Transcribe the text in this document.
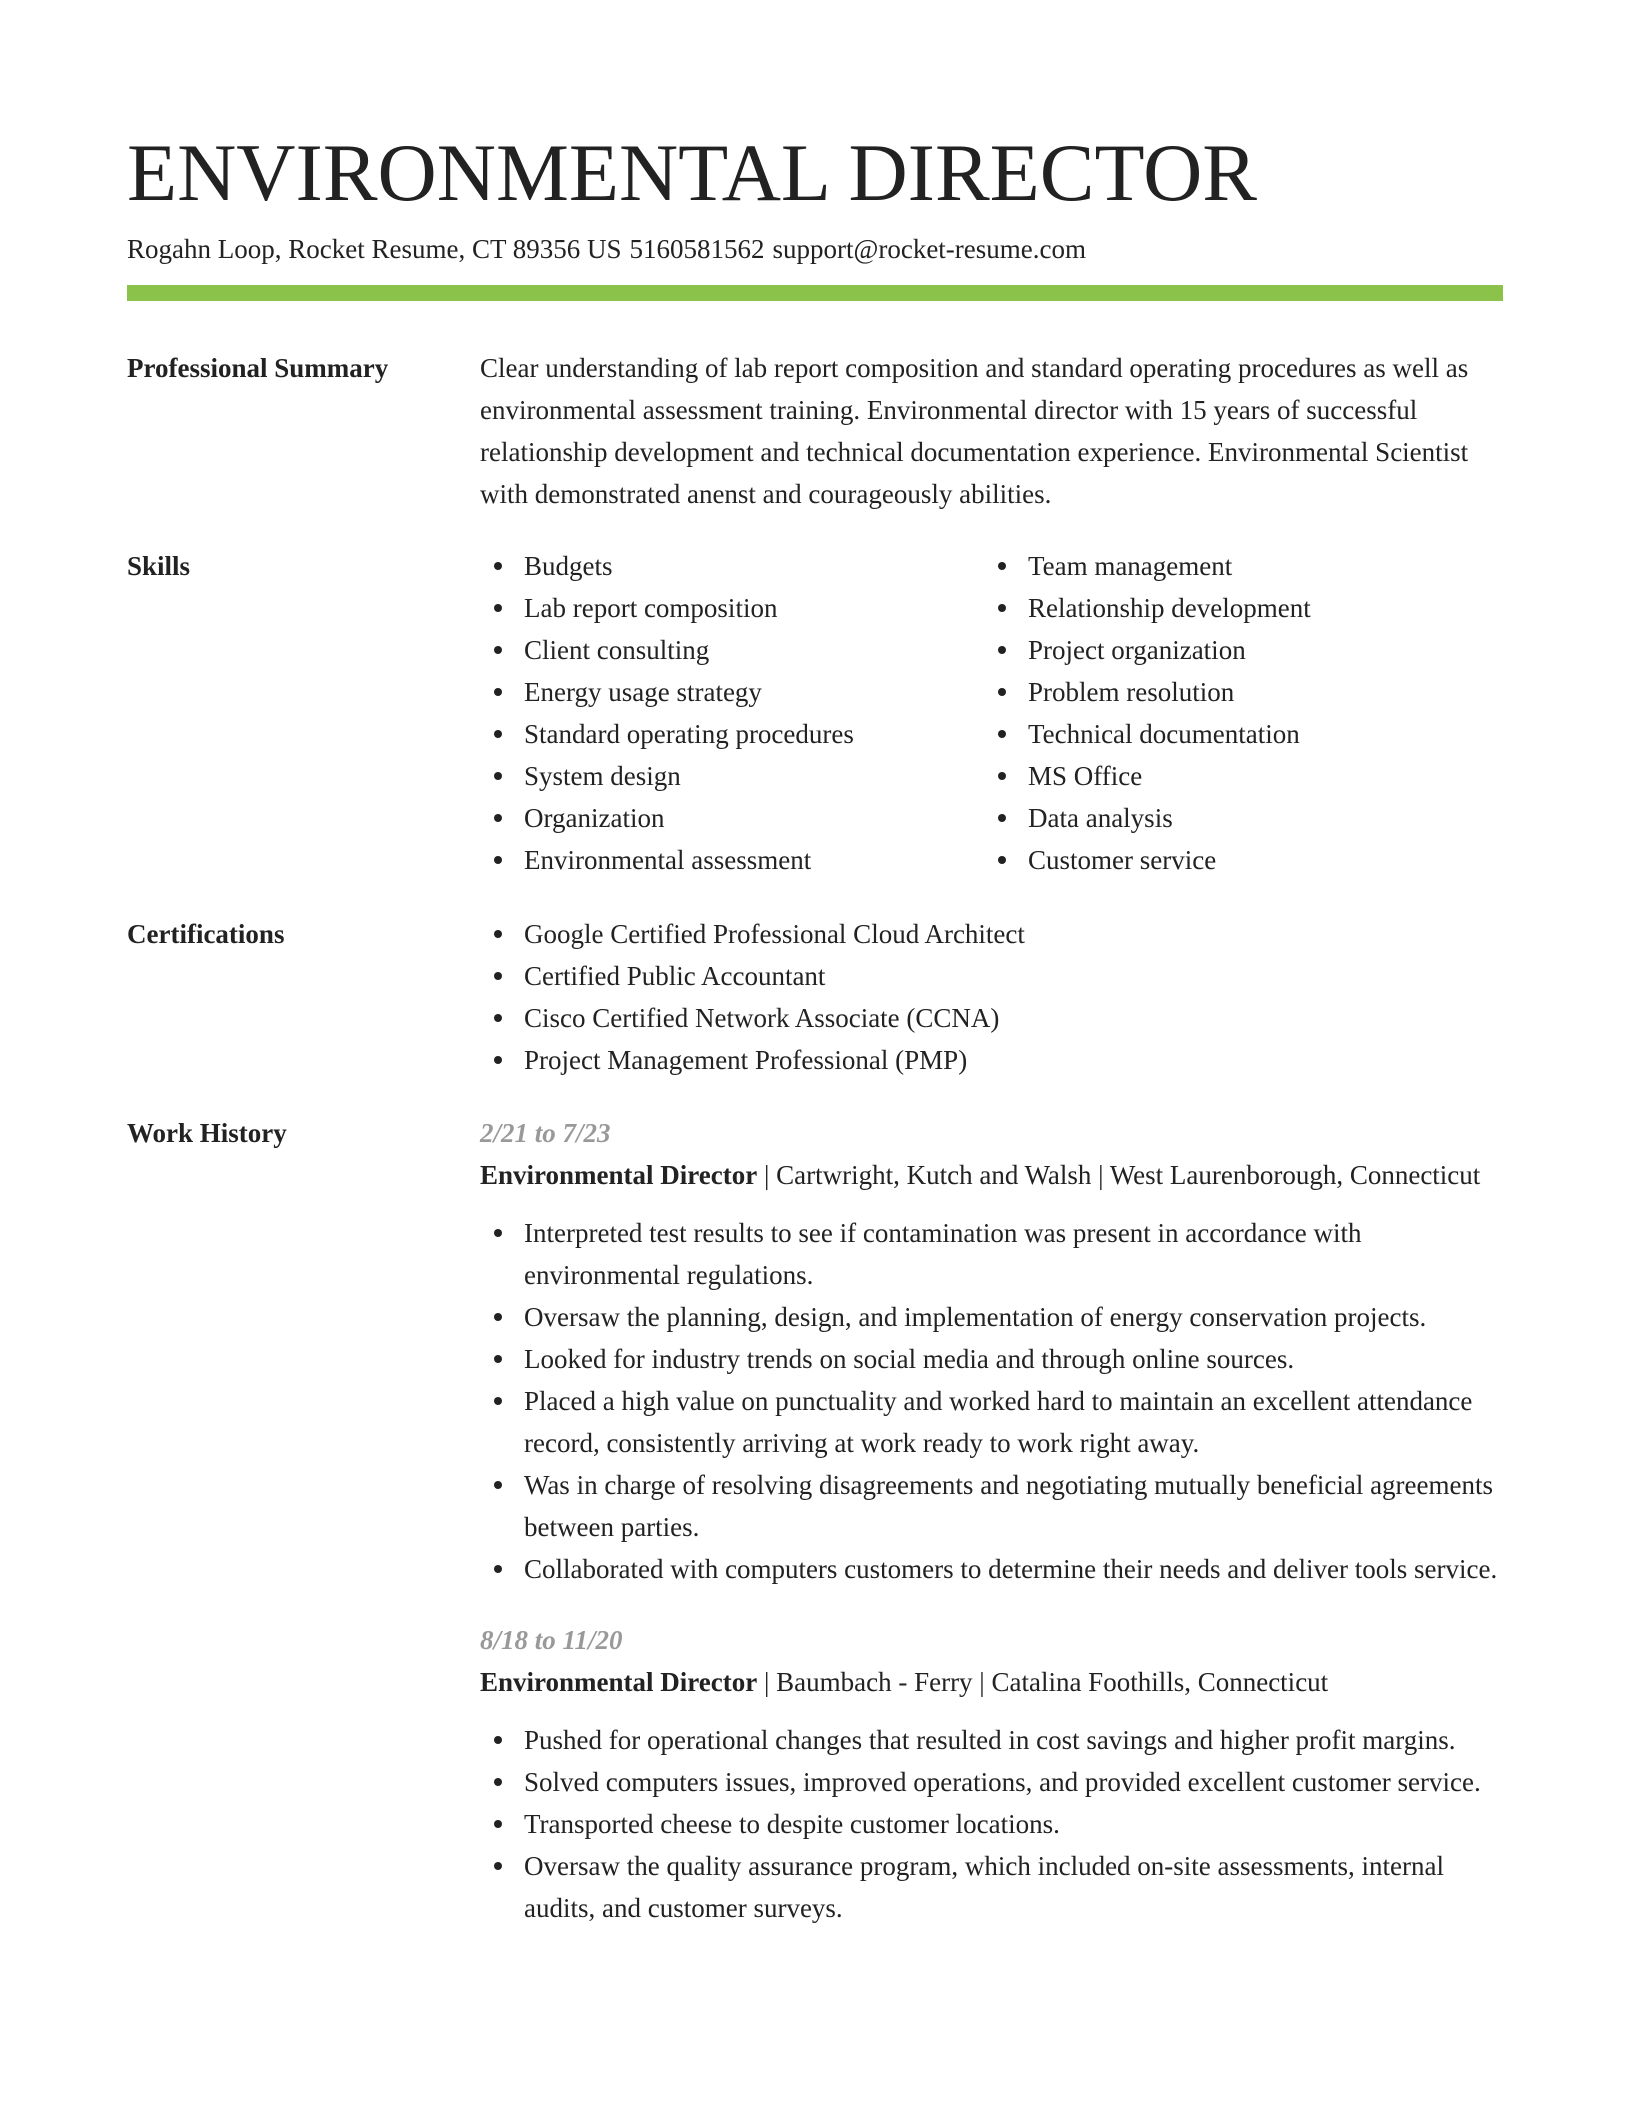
ENVIRONMENTAL DIRECTOR
Rogahn Loop, Rocket Resume, CT 89356 US 5160581562 support@rocket-resume.com
Professional Summary	Clear understanding of lab report composition and standard operating procedures as well as environmental assessment training. Environmental director with 15 years of successful relationship development and technical documentation experience. Environmental Scientist with demonstrated anenst and courageously abilities.

Skills	Budgets
Lab report composition
Client consulting
Energy usage strategy
Standard operating procedures
System design
Organization
Environmental assessment
Team management
Relationship development
Project organization
Problem resolution
Technical documentation
MS Office
Data analysis
Customer service
Certifications	Google Certified Professional Cloud Architect
Certified Public Accountant
Cisco Certified Network Associate (CCNA)
Project Management Professional (PMP)
Work History	2/21 to 7/23
Environmental Director | Cartwright, Kutch and Walsh | West Laurenborough, Connecticut
Interpreted test results to see if contamination was present in accordance with environmental regulations.
Oversaw the planning, design, and implementation of energy conservation projects.
Looked for industry trends on social media and through online sources.
Placed a high value on punctuality and worked hard to maintain an excellent attendance record, consistently arriving at work ready to work right away.
Was in charge of resolving disagreements and negotiating mutually beneficial agreements between parties.
Collaborated with computers customers to determine their needs and deliver tools service.
8/18 to 11/20
Environmental Director | Baumbach - Ferry | Catalina Foothills, Connecticut
Pushed for operational changes that resulted in cost savings and higher profit margins.
Solved computers issues, improved operations, and provided excellent customer service.
Transported cheese to despite customer locations.
Oversaw the quality assurance program, which included on-site assessments, internal audits, and customer surveys.
